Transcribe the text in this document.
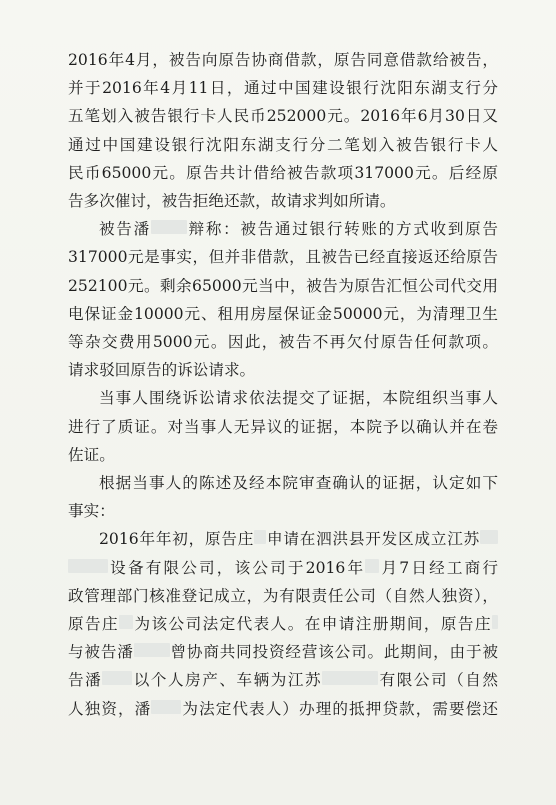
2016年4月，被告向原告协商借款，原告同意借款给被告，

并于2016年4月11日，通过中国建设银行沈阳东湖支行分

五笔划入被告银行卡人民币252000元。2016年6月30日又

通过中国建设银行沈阳东湖支行分二笔划入被告银行卡人

民币65000元。原告共计借给被告款项317000元。后经原

告多次催讨，被告拒绝还款，故请求判如所请。

被告潘 辩称：被告通过银行转账的方式收到原告

317000元是事实，但并非借款，且被告已经直接返还给原告

252100元。剩余65000元当中，被告为原告汇恒公司代交用

电保证金10000元、租用房屋保证金50000元，为清理卫生

等杂交费用5000元。因此，被告不再欠付原告任何款项。

请求驳回原告的诉讼请求。

当事人围绕诉讼请求依法提交了证据，本院组织当事人

进行了质证。对当事人无异议的证据，本院予以确认并在卷

佐证。

根据当事人的陈述及经本院审查确认的证据，认定如下

事实：

2016年年初，原告庄 申请在泗洪县开发区成立江苏

设备有限公司，该公司于2016年 月7日经工商行

政管理部门核准登记成立，为有限责任公司（自然人独资），

原告庄 为该公司法定代表人。在申请注册期间，原告庄

与被告潘 曾协商共同投资经营该公司。此期间，由于被

告潘 以个人房产、车辆为江苏	有限公司（自然

人独资，潘 为法定代表人）办理的抵押贷款，需要偿还
